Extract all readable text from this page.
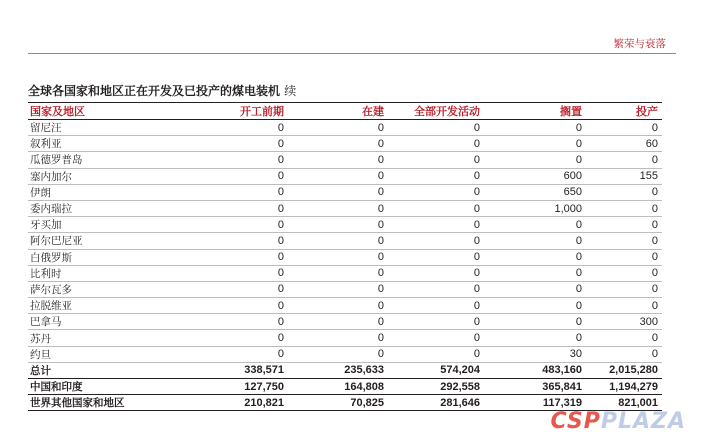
繁荣与衰落
全球各国家和地区正在开发及已投产的煤电装机 续
国家及地区	开工前期	在建	全部开发活动	搁置	投产
留尼汪	0	0	0	0	0
叙利亚	0	0	0	0	60
瓜德罗普岛	0	0	0	0	0
塞内加尔	0	0	0	600	155
伊朗	0	0	0	650	0
委内瑞拉	0	0	0	1,000	0
牙买加	0	0	0	0	0
阿尔巴尼亚	0	0	0	0	0
白俄罗斯	0	0	0	0	0
比利时	0	0	0	0	0
萨尔瓦多	0	0	0	0	0
拉脱维亚	0	0	0	0	0
巴拿马	0	0	0	0	300
苏丹	0	0	0	0	0
约旦	0	0	0	30	0
总计	338,571	235,633	574,204	483,160	2,015,280
中国和印度	127,750	164,808	292,558	365,841	1,194,279
世界其他国家和地区	210,821	70,825	281,646	117,319	821,001
CSPPLAZA
